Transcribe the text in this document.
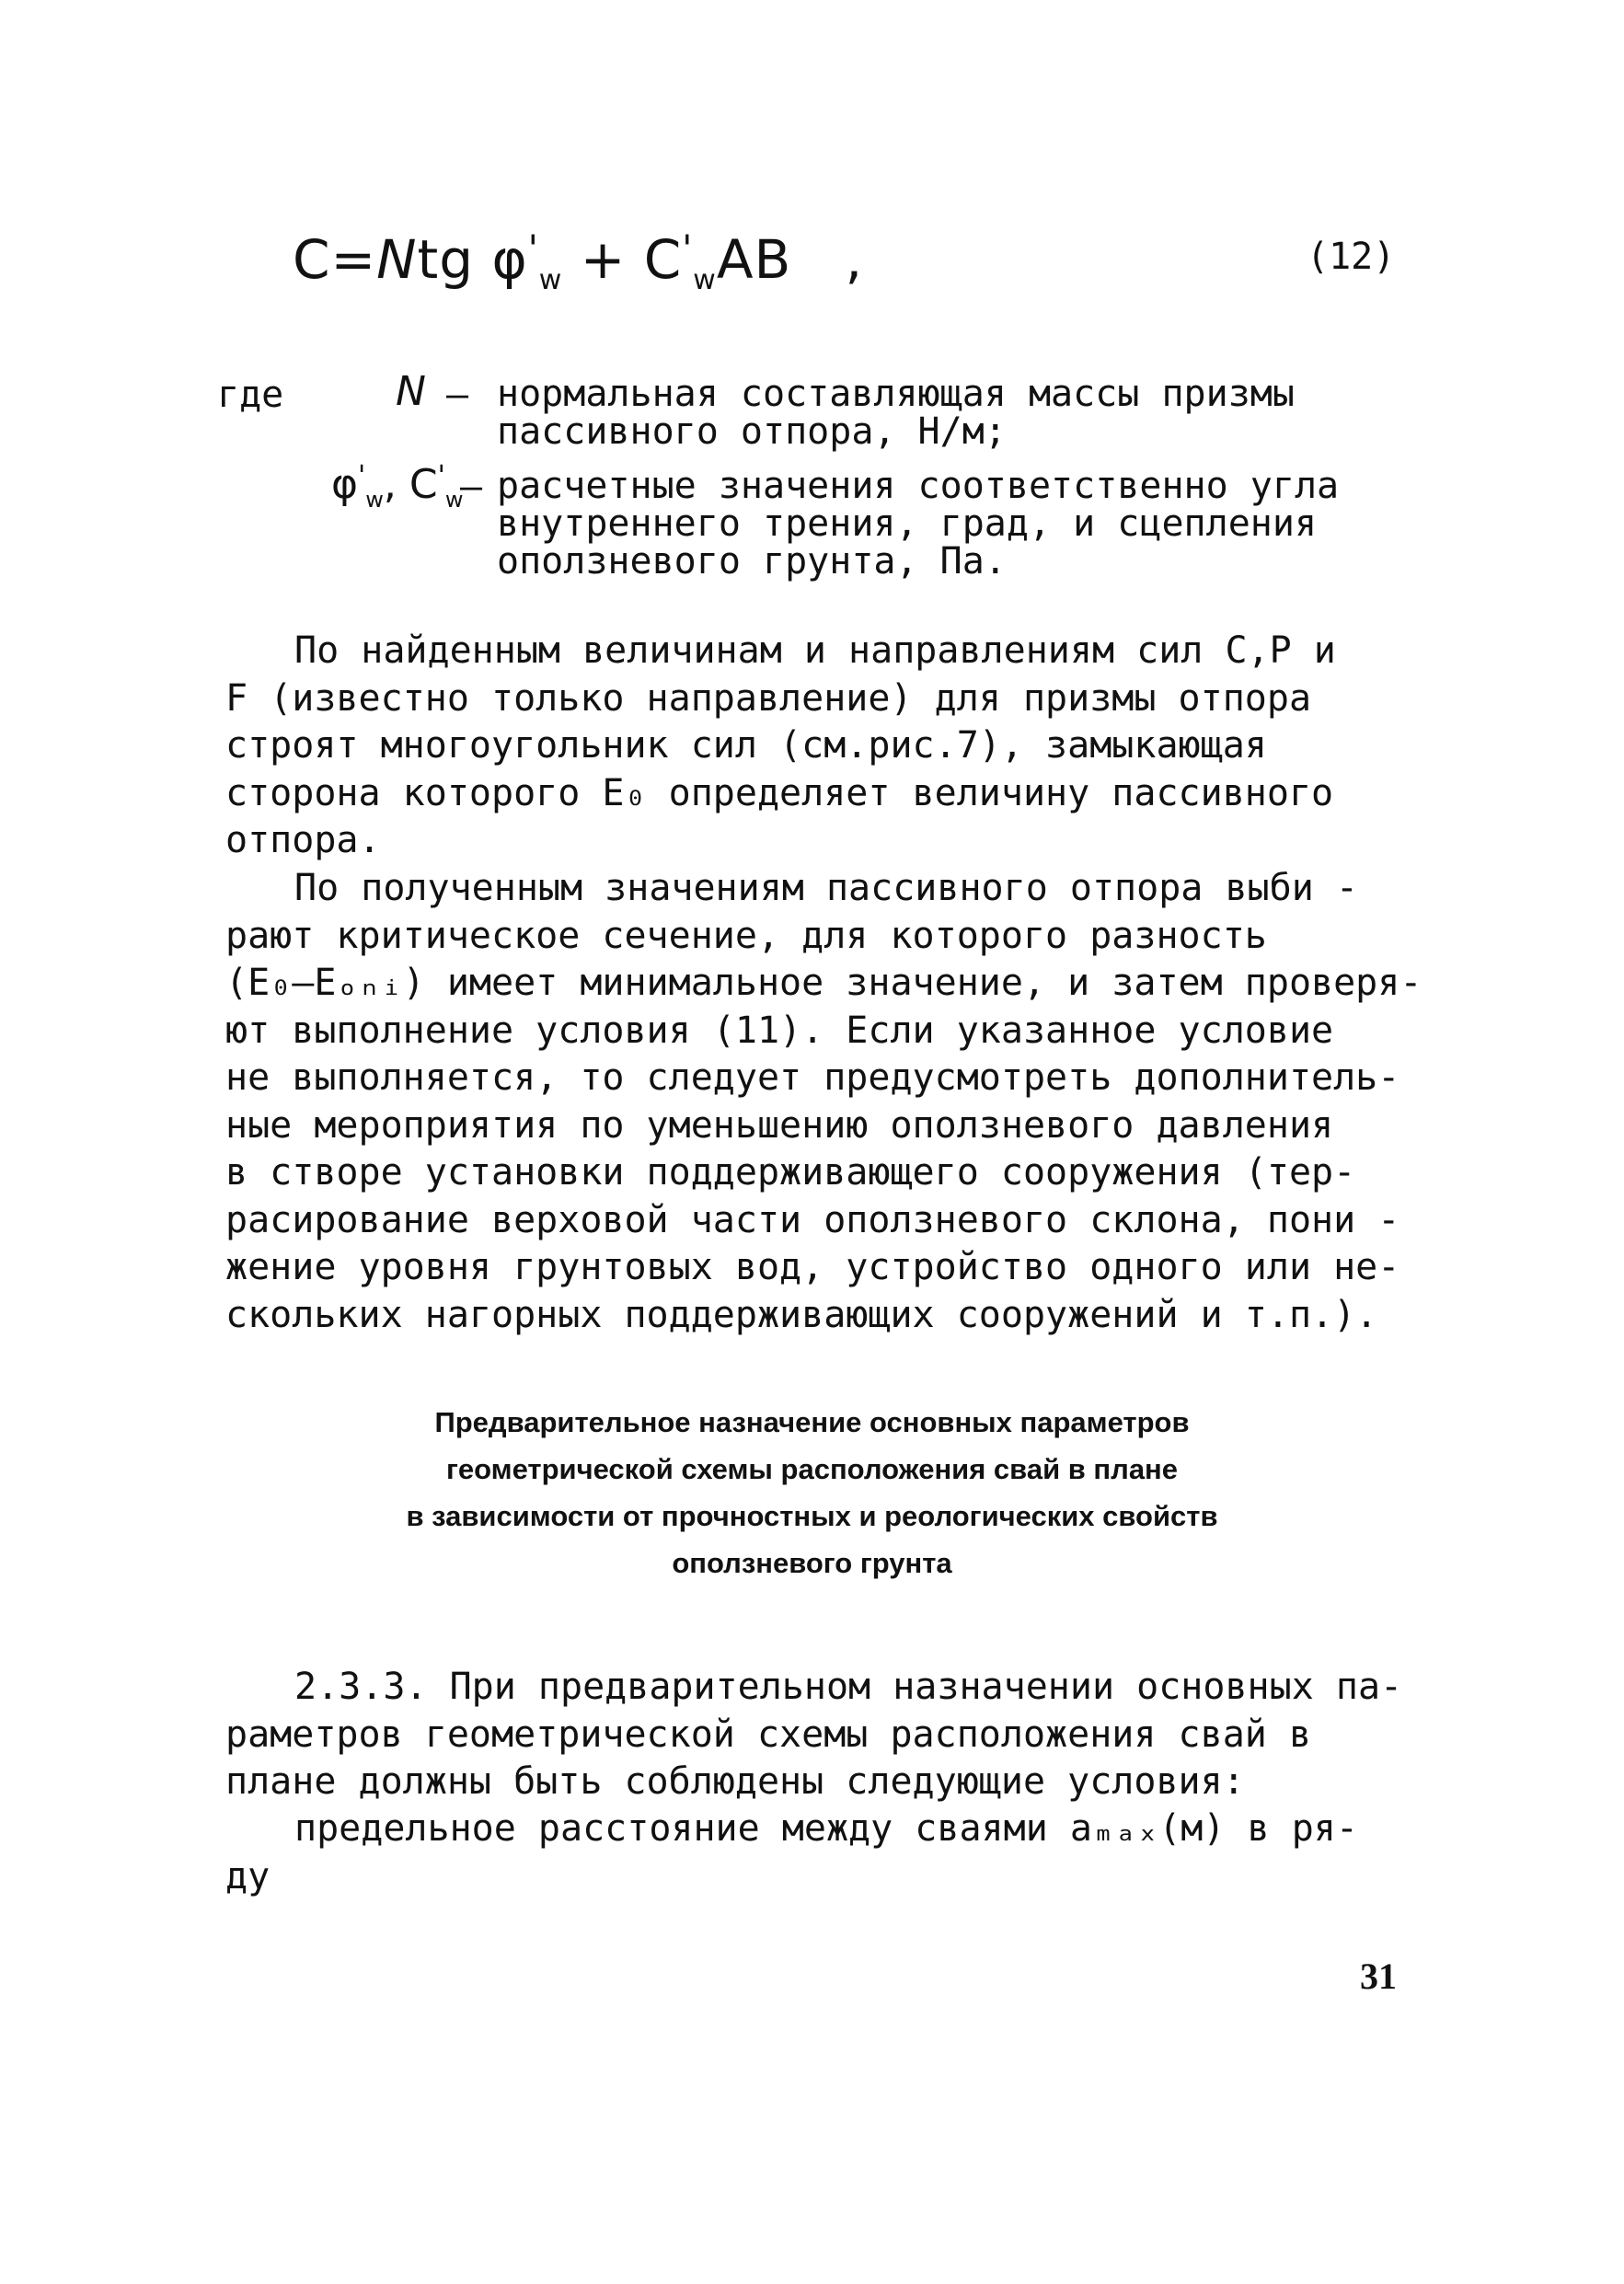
C=Ntg $\varphi'_w + C'_wAB$ ,	(12)
где	N – нормальная составляющая массы призмы
пассивного отпора, Н/м;
$\varphi'_w$, $C'_w$
– расчетные значения соответственно угла
внутреннего трения, град, и сцепления
оползневого грунта, Па.
По найденным величинам и направлениям сил C,P и
F (известно только направление) для призмы отпора
строят многоугольник сил (см.рис.7), замыкающая
сторона которого E₀ определяет величину пассивного
отпора.
По полученным значениям пассивного отпора выби -
рают критическое сечение, для которого разность
(E₀–Eₒₙᵢ) имеет минимальное значение, и затем проверя-
ют выполнение условия (11). Если указанное условие
не выполняется, то следует предусмотреть дополнитель-
ные мероприятия по уменьшению оползневого давления
в створе установки поддерживающего сооружения (тер-
расирование верховой части оползневого склона, пони -
жение уровня грунтовых вод, устройство одного или не-
скольких нагорных поддерживающих сооружений и т.п.).
Предварительное назначение основных параметров
геометрической схемы расположения свай в плане
в зависимости от прочностных и реологических свойств
оползневого грунта
2.3.3. При предварительном назначении основных па-
раметров геометрической схемы расположения свай в
плане должны быть соблюдены следующие условия:
предельное расстояние между сваями aₘₐₓ(м) в ря-
ду
31
